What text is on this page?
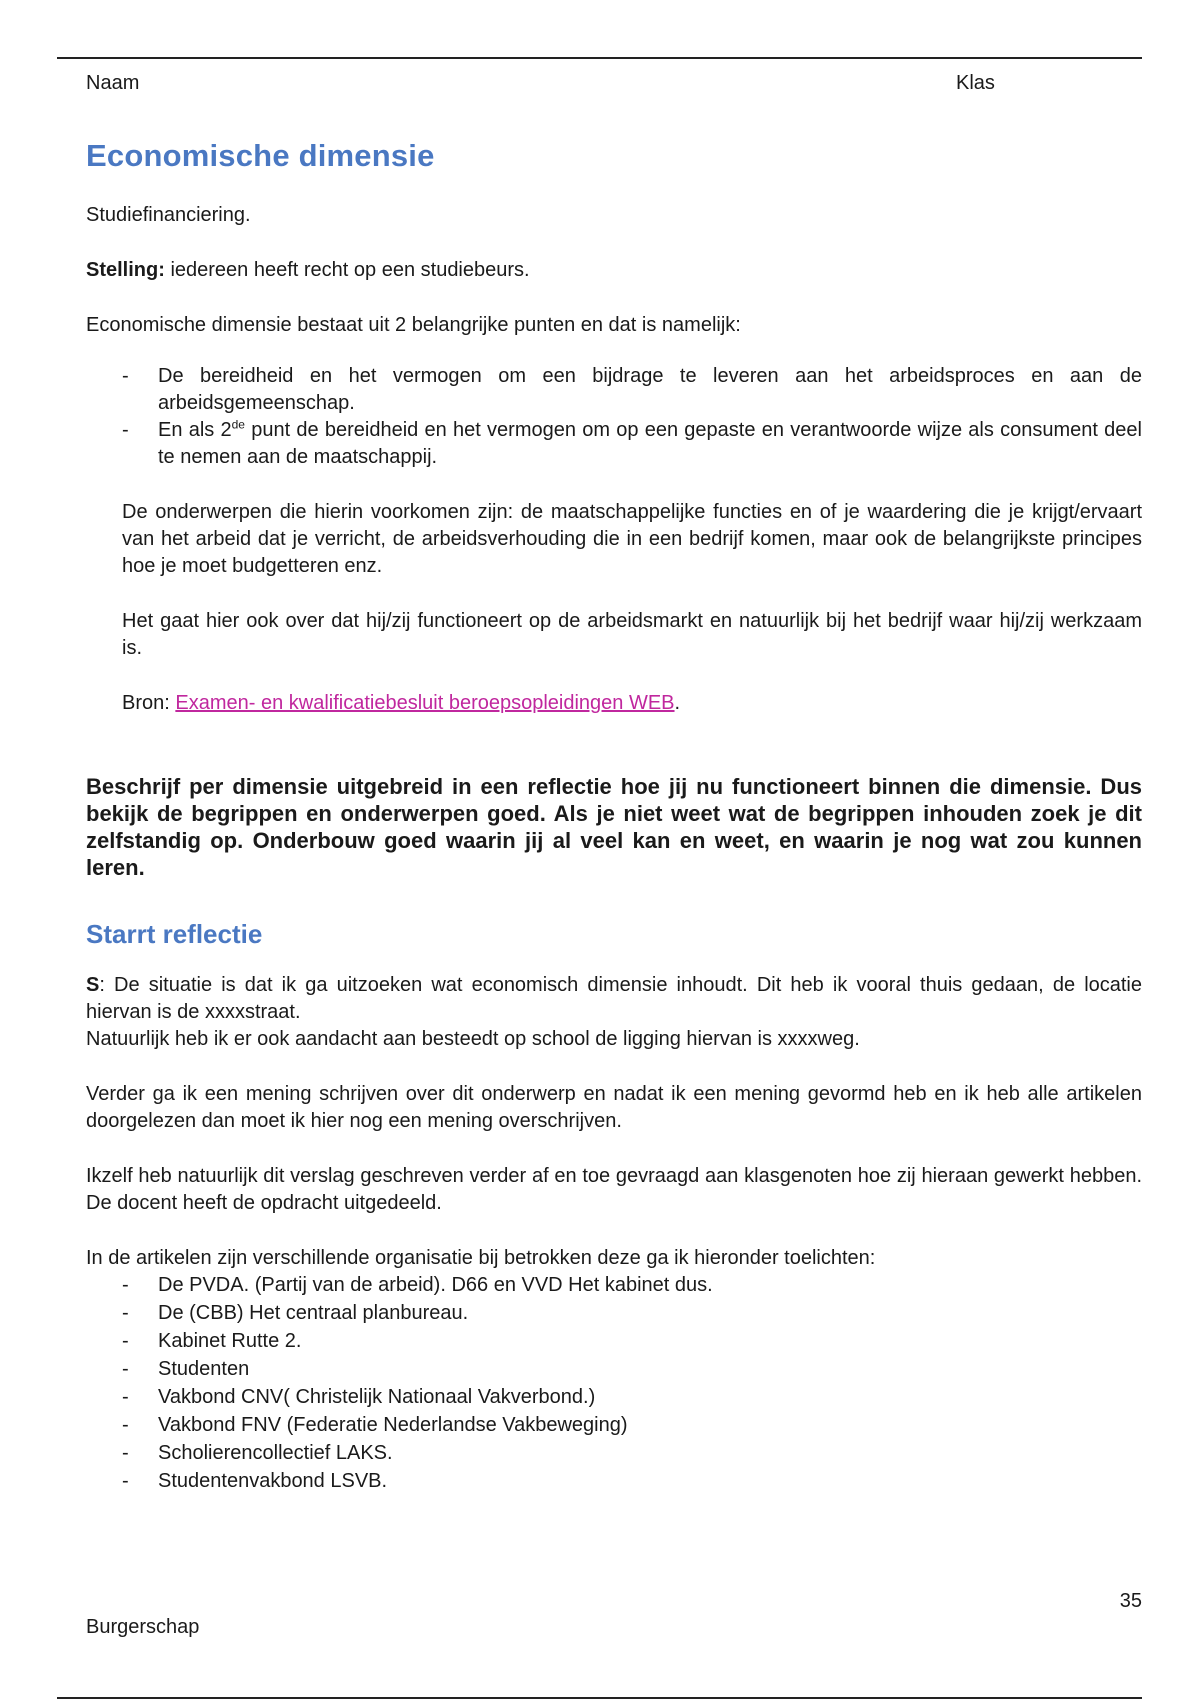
Naam	Klas
Economische dimensie

Studiefinanciering.

Stelling: iedereen heeft recht op een studiebeurs.

Economische dimensie bestaat uit 2 belangrijke punten en dat is namelijk:

- De bereidheid en het vermogen om een bijdrage te leveren aan het arbeidsproces en aan de arbeidsgemeenschap.
- En als 2de punt de bereidheid en het vermogen om op een gepaste en verantwoorde wijze als consument deel te nemen aan de maatschappij.

De onderwerpen die hierin voorkomen zijn: de maatschappelijke functies en of je waardering die je krijgt/ervaart van het arbeid dat je verricht, de arbeidsverhouding die in een bedrijf komen, maar ook de belangrijkste principes hoe je moet budgetteren enz.

Het gaat hier ook over dat hij/zij functioneert op de arbeidsmarkt en natuurlijk bij het bedrijf waar hij/zij werkzaam is.

Bron: Examen- en kwalificatiebesluit beroepsopleidingen WEB.

Beschrijf per dimensie uitgebreid in een reflectie hoe jij nu functioneert binnen die dimensie. Dus bekijk de begrippen en onderwerpen goed. Als je niet weet wat de begrippen inhouden zoek je dit zelfstandig op. Onderbouw goed waarin jij al veel kan en weet, en waarin je nog wat zou kunnen leren.
Starrt reflectie

S: De situatie is dat ik ga uitzoeken wat economisch dimensie inhoudt. Dit heb ik vooral thuis gedaan, de locatie hiervan is de xxxxstraat.

Natuurlijk heb ik er ook aandacht aan besteedt op school de ligging hiervan is xxxxweg.

Verder ga ik een mening schrijven over dit onderwerp en nadat ik een mening gevormd heb en ik heb alle artikelen doorgelezen dan moet ik hier nog een mening overschrijven.

Ikzelf heb natuurlijk dit verslag geschreven verder af en toe gevraagd aan klasgenoten hoe zij hieraan gewerkt hebben. De docent heeft de opdracht uitgedeeld.

In de artikelen zijn verschillende organisatie bij betrokken deze ga ik hieronder toelichten:

- De PVDA. (Partij van de arbeid). D66 en VVD Het kabinet dus.
- De (CBB) Het centraal planbureau.
- Kabinet Rutte 2.
- Studenten
- Vakbond CNV( Christelijk Nationaal Vakverbond.)
- Vakbond FNV (Federatie Nederlandse Vakbeweging)
- Scholierencollectief LAKS.
- Studentenvakbond LSVB.
35
Burgerschap
